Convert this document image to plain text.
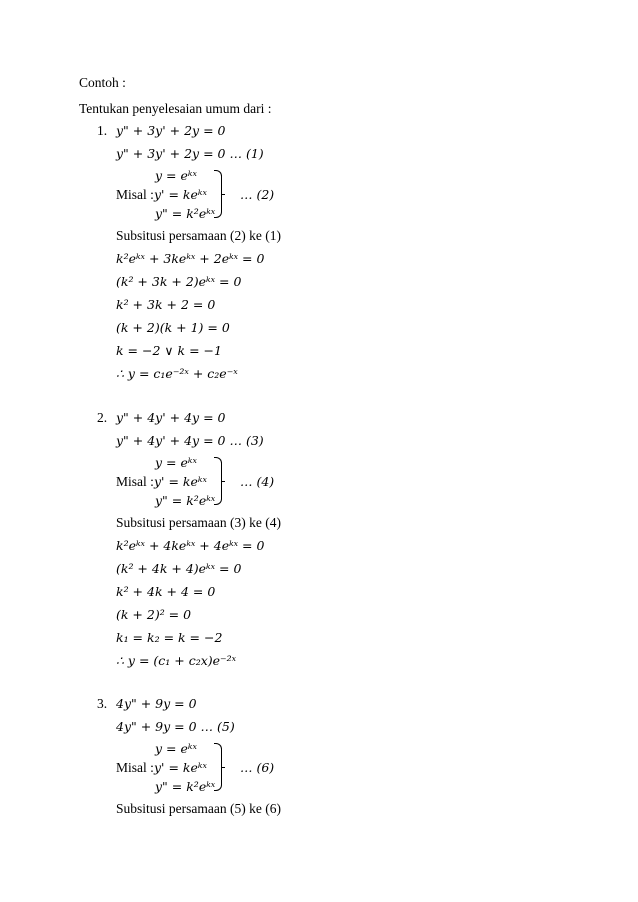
Contoh :
Tentukan penyelesaian umum dari :
1. y" + 3y' + 2y = 0
y" + 3y' + 2y = 0 … (1)
y = eᵏˣ
Misal : y' = keᵏˣ
y" = k²eᵏˣ
… (2)
Subsitusi persamaan (2) ke (1)
k²eᵏˣ + 3keᵏˣ + 2eᵏˣ = 0
(k² + 3k + 2)eᵏˣ = 0
k² + 3k + 2 = 0
(k + 2)(k + 1) = 0
k = −2 ∨ k = −1
∴ y = c₁e⁻²ˣ + c₂e⁻ˣ
2. y" + 4y' + 4y = 0
y" + 4y' + 4y = 0 … (3)
y = eᵏˣ
Misal : y' = keᵏˣ
y" = k²eᵏˣ
… (4)
Subsitusi persamaan (3) ke (4)
k²eᵏˣ + 4keᵏˣ + 4eᵏˣ = 0
(k² + 4k + 4)eᵏˣ = 0
k² + 4k + 4 = 0
(k + 2)² = 0
k₁ = k₂ = k = −2
∴ y = (c₁ + c₂x)e⁻²ˣ
3. 4y" + 9y = 0
4y" + 9y = 0 … (5)
y = eᵏˣ
Misal : y' = keᵏˣ
y" = k²eᵏˣ
… (6)
Subsitusi persamaan (5) ke (6)
